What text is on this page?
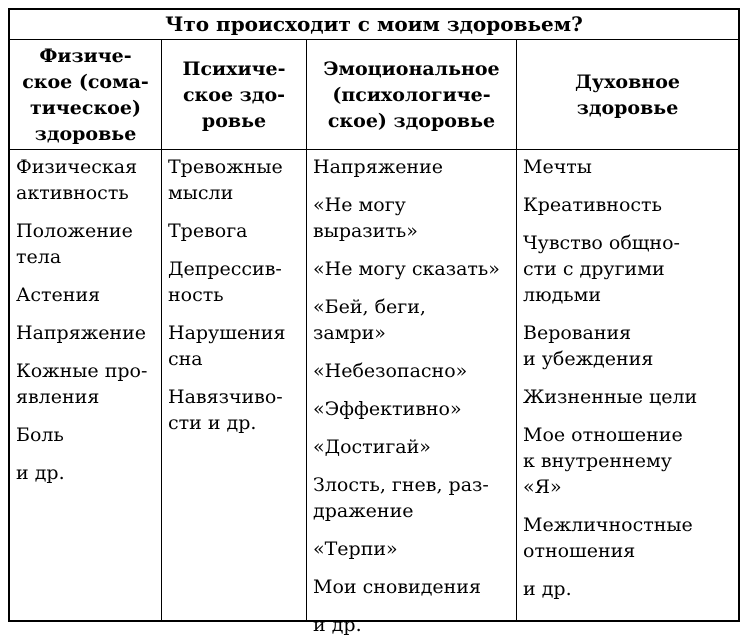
Что происходит с моим здоровьем?
Физиче-
ское (сома-
тическое)
здоровье
Психиче-
ское здо-
ровье
Эмоциональное
(психологиче-
ское) здоровье
Духовное
здоровье
Физическая
активность
Положение
тела
Астения
Напряжение
Кожные про-
явления
Боль
и др.
Тревожные
мысли
Тревога
Депрессив-
ность
Нарушения
сна
Навязчиво-
сти и др.
Напряжение
«Не могу выразить»
«Не могу сказать»
«Бей, беги,
замри»
«Небезопасно»
«Эффективно»
«Достигай»
Злость, гнев, раз-
дражение
«Терпи»
Мои сновидения
и др.
Мечты
Креативность
Чувство общно-
сти с другими
людьми
Верования
и убеждения
Жизненные цели
Мое отношение
к внутреннему
«Я»
Межличностные
отношения
и др.
